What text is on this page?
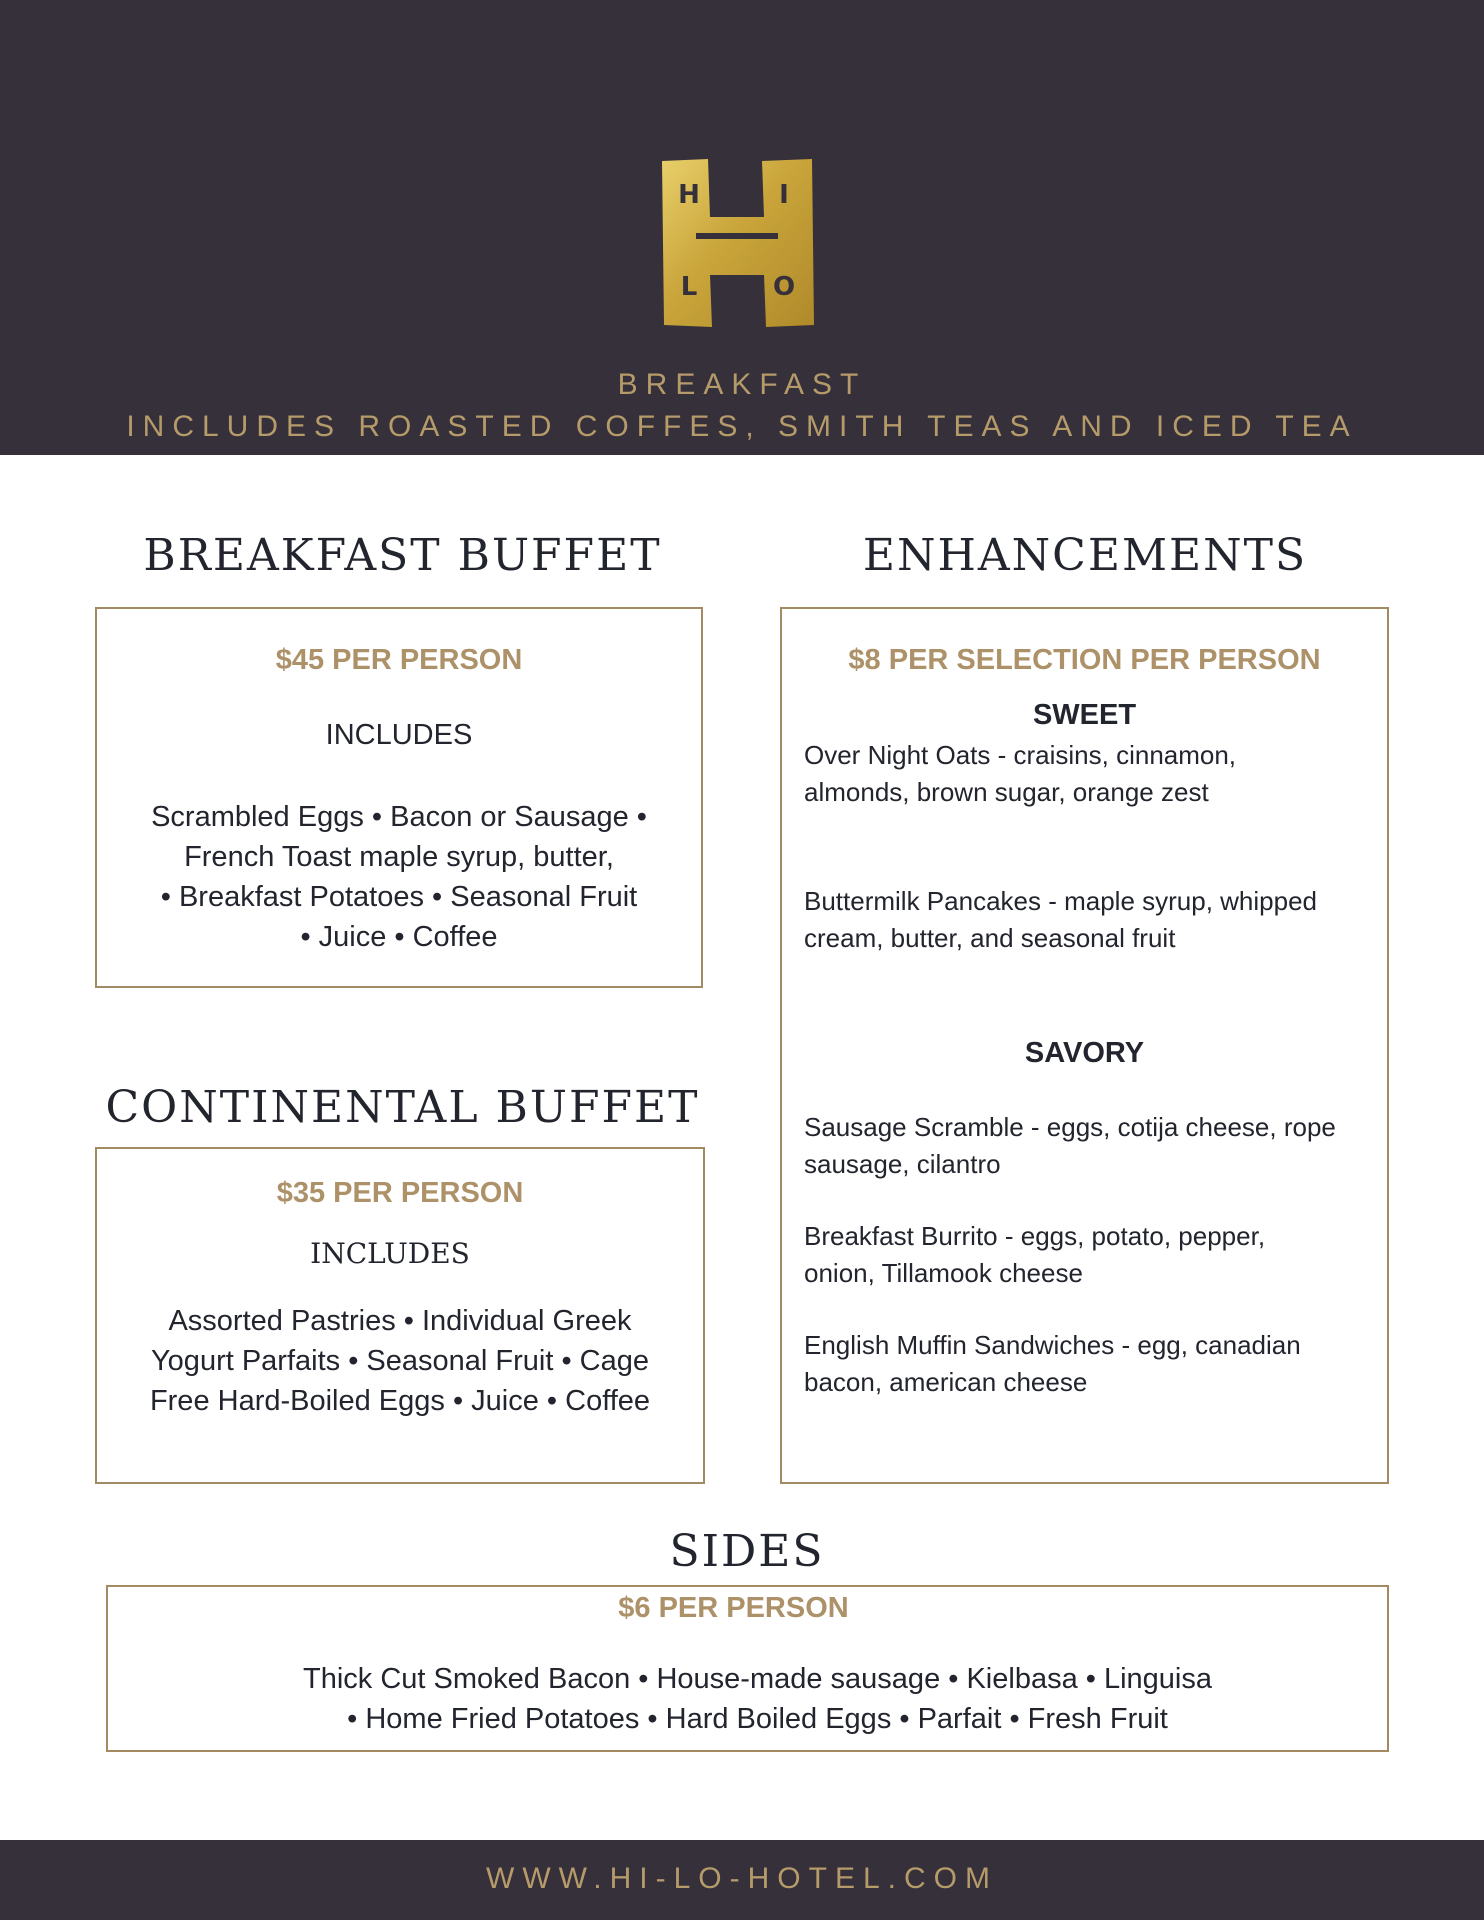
H	I
L	O
BREAKFAST
INCLUDES ROASTED COFFES, SMITH TEAS AND ICED TEA
BREAKFAST BUFFET
$45 PER PERSON
INCLUDES
Scrambled Eggs • Bacon or Sausage •
French Toast maple syrup, butter,
• Breakfast Potatoes • Seasonal Fruit
• Juice • Coffee
CONTINENTAL BUFFET
$35 PER PERSON
INCLUDES
Assorted Pastries • Individual Greek
Yogurt Parfaits • Seasonal Fruit • Cage
Free Hard-Boiled Eggs • Juice • Coffee
ENHANCEMENTS
$8 PER SELECTION PER PERSON
SWEET
Over Night Oats - craisins, cinnamon,
almonds, brown sugar, orange zest
Buttermilk Pancakes - maple syrup, whipped
cream, butter, and seasonal fruit
SAVORY
Sausage Scramble - eggs, cotija cheese, rope
sausage, cilantro
Breakfast Burrito - eggs, potato, pepper,
onion, Tillamook cheese
English Muffin Sandwiches - egg, canadian
bacon, american cheese
SIDES
$6 PER PERSON
Thick Cut Smoked Bacon • House-made sausage • Kielbasa • Linguisa
• Home Fried Potatoes • Hard Boiled Eggs • Parfait • Fresh Fruit
WWW.HI-LO-HOTEL.COM
